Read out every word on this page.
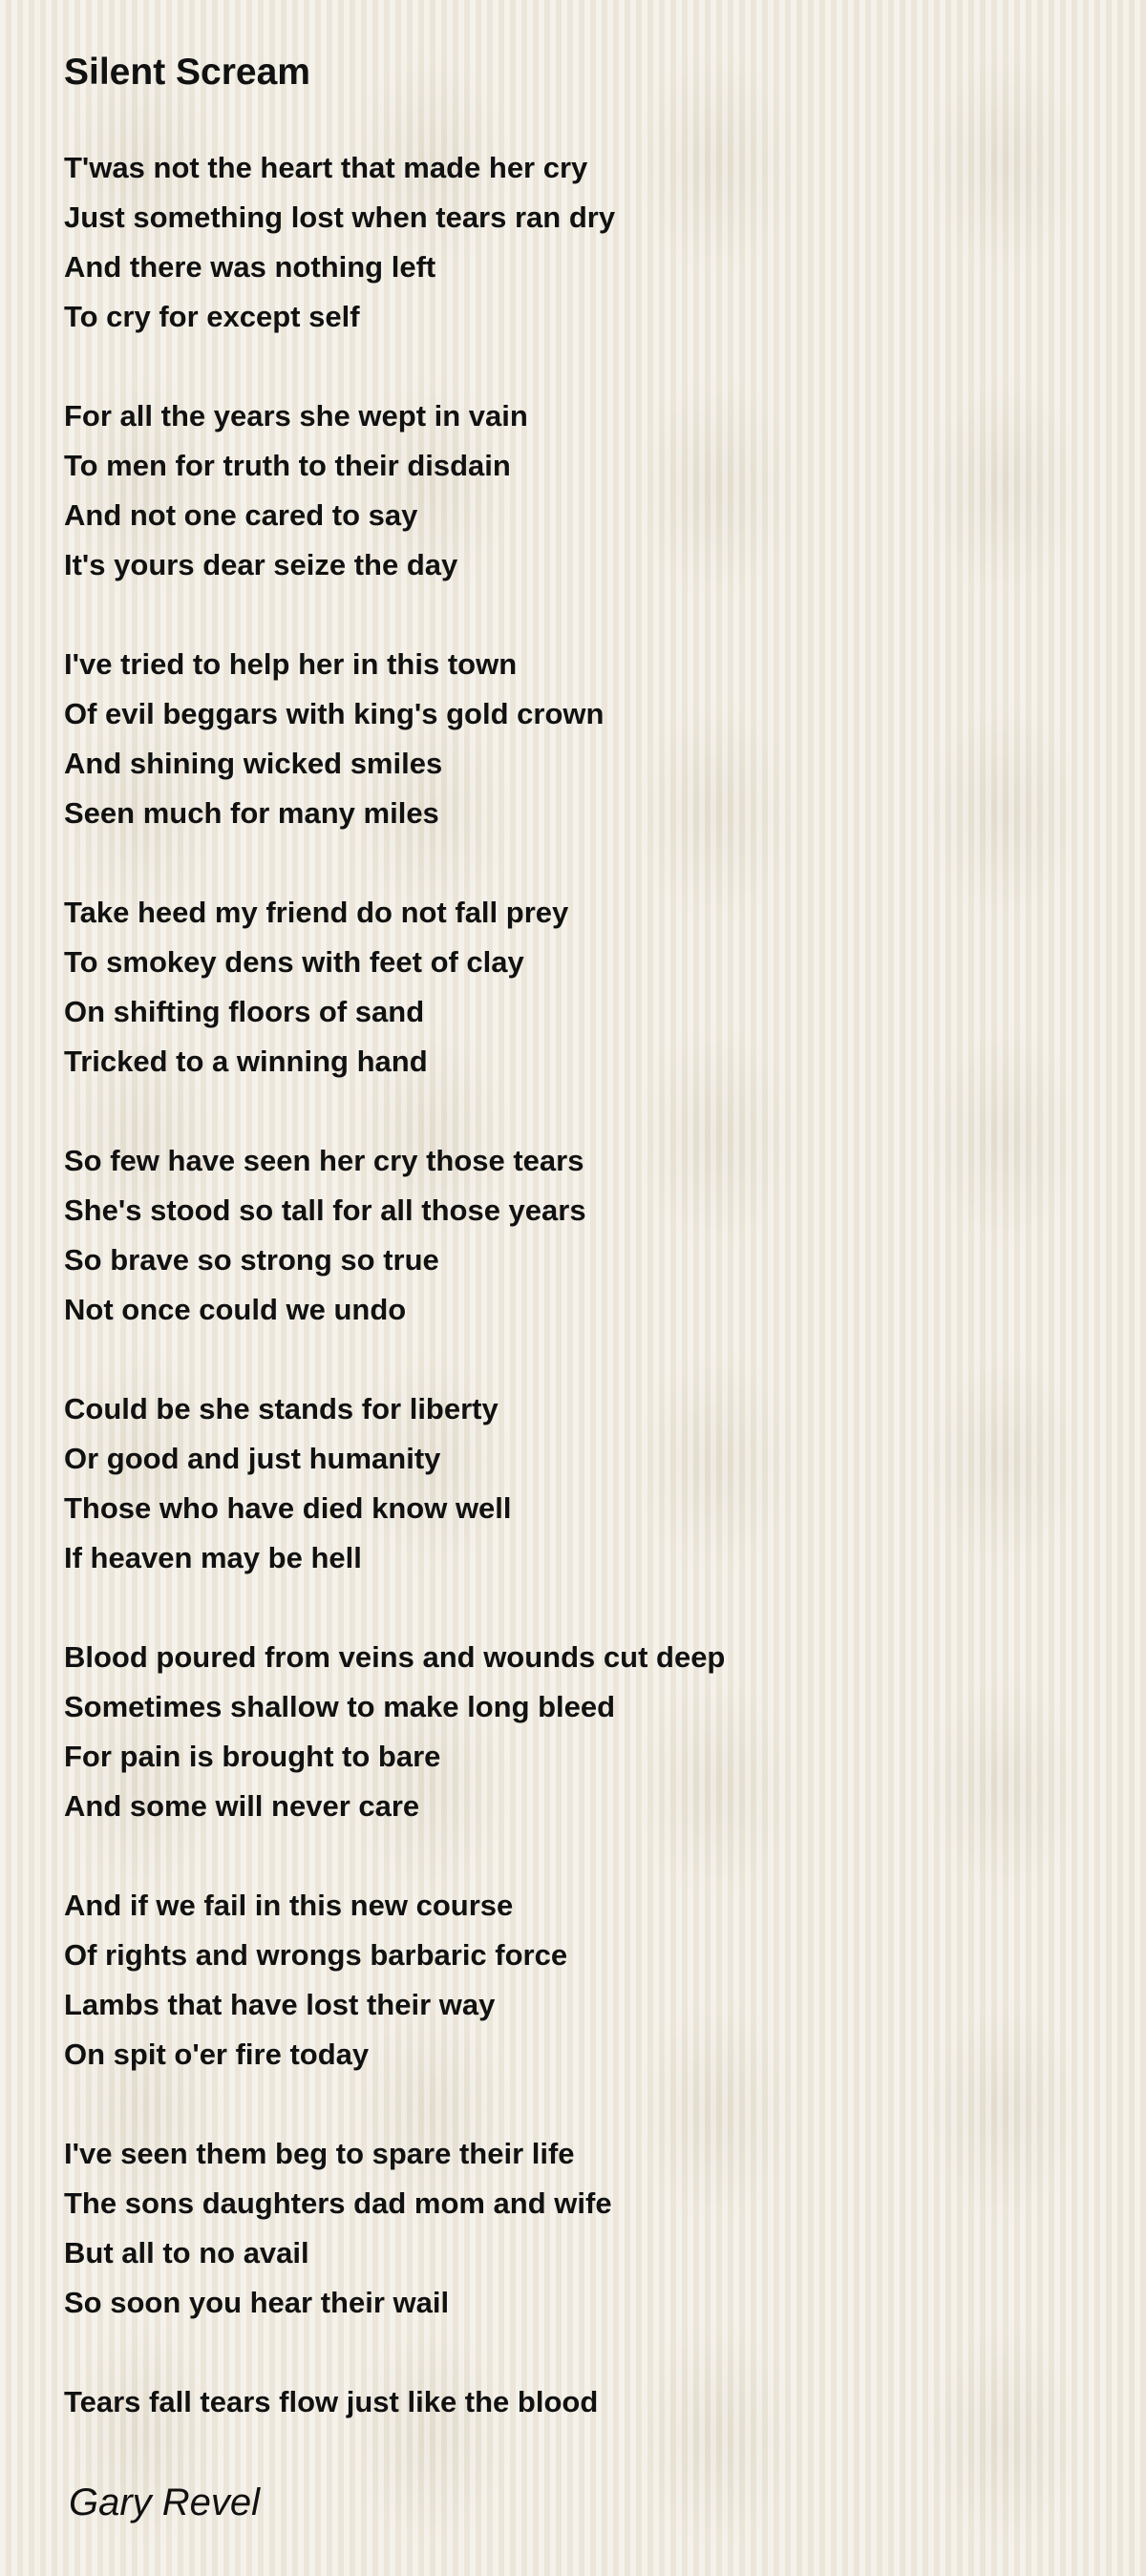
Silent Scream
T'was not the heart that made her cry
Just something lost when tears ran dry
And there was nothing left
To cry for except self
For all the years she wept in vain
To men for truth to their disdain
And not one cared to say
It's yours dear seize the day
I've tried to help her in this town
Of evil beggars with king's gold crown
And shining wicked smiles
Seen much for many miles
Take heed my friend do not fall prey
To smokey dens with feet of clay
On shifting floors of sand
Tricked to a winning hand
So few have seen her cry those tears
She's stood so tall for all those years
So brave so strong so true
Not once could we undo
Could be she stands for liberty
Or good and just humanity
Those who have died know well
If heaven may be hell
Blood poured from veins and wounds cut deep
Sometimes shallow to make long bleed
For pain is brought to bare
And some will never care
And if we fail in this new course
Of rights and wrongs barbaric force
Lambs that have lost their way
On spit o'er fire today
I've seen them beg to spare their life
The sons daughters dad mom and wife
But all to no avail
So soon you hear their wail
Tears fall tears flow just like the blood
Gary Revel
